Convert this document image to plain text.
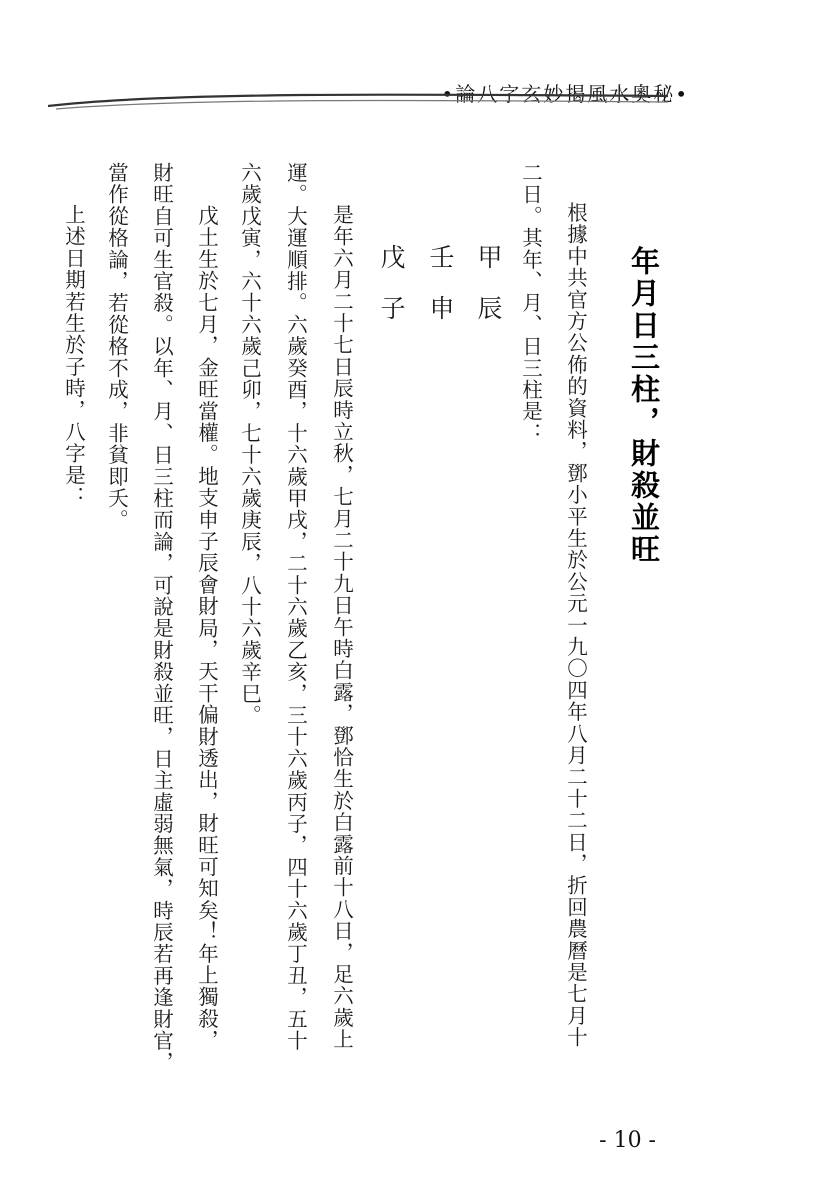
•論八字玄妙揭風水奧秘•
年月日三柱，財殺並旺
根據中共官方公佈的資料，鄧小平生於公元一九〇四年八月二十二日，折回農曆是七月十
二日。其年、月、日三柱是：
甲辰
壬申
戊子
是年六月二十七日辰時立秋，七月二十九日午時白露，鄧恰生於白露前十八日，足六歲上
運。大運順排。六歲癸酉，十六歲甲戌，二十六歲乙亥，三十六歲丙子，四十六歲丁丑，五十
六歲戊寅，六十六歲己卯，七十六歲庚辰，八十六歲辛巳。
戊土生於七月，金旺當權。地支申子辰會財局，天干偏財透出，財旺可知矣！年上獨殺，
財旺自可生官殺。以年、月、日三柱而論，可說是財殺並旺，日主虛弱無氣，時辰若再逢財官，
當作從格論，若從格不成，非貧即夭。
上述日期若生於子時，八字是：
- 10 -
